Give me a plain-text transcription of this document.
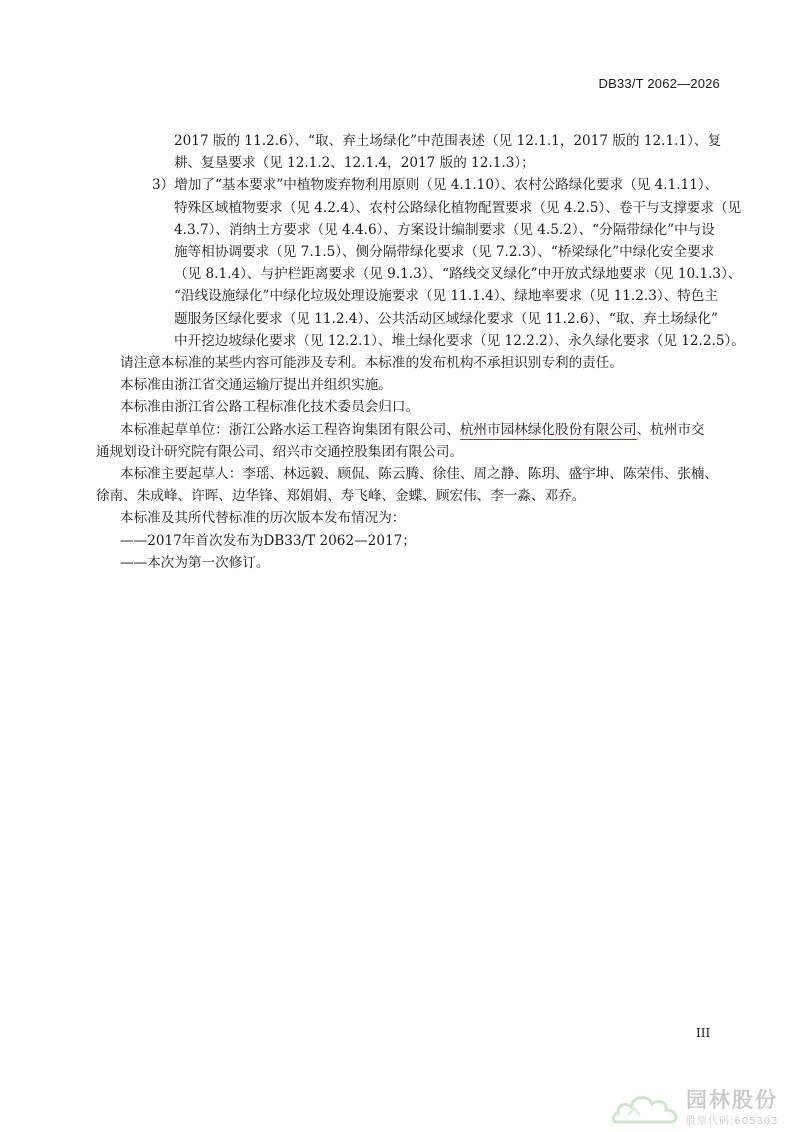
DB33/T 2062—2026
2017 版的 11.2.6）、“取、弃土场绿化”中范围表述（见 12.1.1，2017 版的 12.1.1）、复
耕、复垦要求（见 12.1.2、12.1.4，2017 版的 12.1.3）；
3）增加了“基本要求”中植物废弃物利用原则（见 4.1.10）、农村公路绿化要求（见 4.1.11）、
特殊区域植物要求（见 4.2.4）、农村公路绿化植物配置要求（见 4.2.5）、卷干与支撑要求（见
4.3.7）、消纳土方要求（见 4.4.6）、方案设计编制要求（见 4.5.2）、“分隔带绿化”中与设
施等相协调要求（见 7.1.5）、侧分隔带绿化要求（见 7.2.3）、“桥梁绿化”中绿化安全要求
（见 8.1.4）、与护栏距离要求（见 9.1.3）、“路线交叉绿化”中开放式绿地要求（见 10.1.3）、
“沿线设施绿化”中绿化垃圾处理设施要求（见 11.1.4）、绿地率要求（见 11.2.3）、特色主
题服务区绿化要求（见 11.2.4）、公共活动区域绿化要求（见 11.2.6）、“取、弃土场绿化”
中开挖边坡绿化要求（见 12.2.1）、堆土绿化要求（见 12.2.2）、永久绿化要求（见 12.2.5）。
请注意本标准的某些内容可能涉及专利。本标准的发布机构不承担识别专利的责任。
本标准由浙江省交通运输厅提出并组织实施。
本标准由浙江省公路工程标准化技术委员会归口。
本标准起草单位：浙江公路水运工程咨询集团有限公司、杭州市园林绿化股份有限公司、杭州市交
通规划设计研究院有限公司、绍兴市交通控股集团有限公司。
本标准主要起草人：李瑶、林远毅、顾侃、陈云腾、徐佳、周之静、陈玥、盛宇坤、陈荣伟、张楠、
徐南、朱成峰、许晖、边华锋、郑娟娟、寿飞峰、金蝶、顾宏伟、李一淼、邓乔。
本标准及其所代替标准的历次版本发布情况为：
——2017年首次发布为DB33/T 2062—2017；
——本次为第一次修订。
III
园林股份
股票代码:605303
